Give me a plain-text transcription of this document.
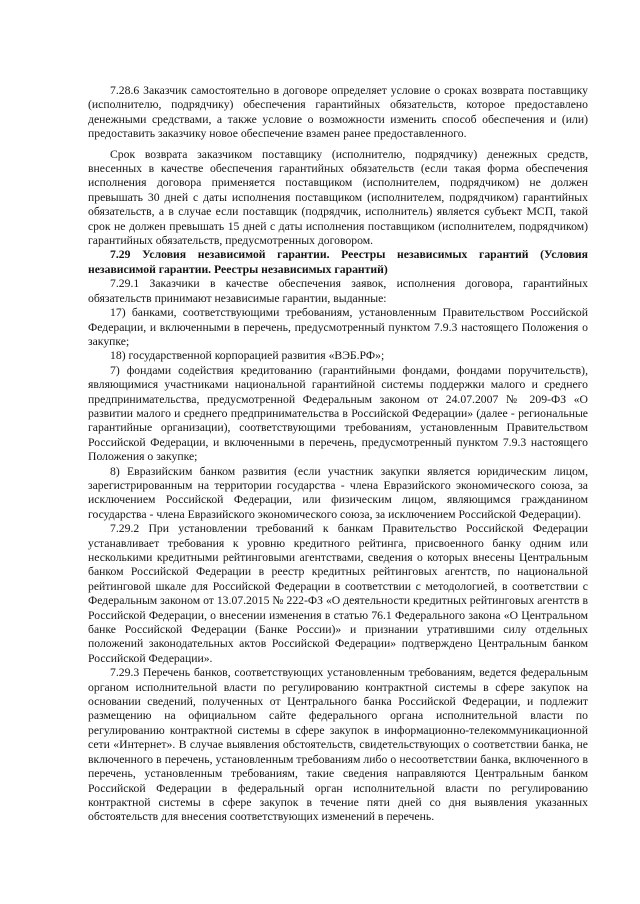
7.28.6 Заказчик самостоятельно в договоре определяет условие о сроках возврата поставщику (исполнителю, подрядчику) обеспечения гарантийных обязательств, которое предоставлено денежными средствами, а также условие о возможности изменить способ обеспечения и (или) предоставить заказчику новое обеспечение взамен ранее предоставленного.

Срок возврата заказчиком поставщику (исполнителю, подрядчику) денежных средств, внесенных в качестве обеспечения гарантийных обязательств (если такая форма обеспечения исполнения договора применяется поставщиком (исполнителем, подрядчиком) не должен превышать 30 дней с даты исполнения поставщиком (исполнителем, подрядчиком) гарантийных обязательств, а в случае если поставщик (подрядчик, исполнитель) является субъект МСП, такой срок не должен превышать 15 дней с даты исполнения поставщиком (исполнителем, подрядчиком) гарантийных обязательств, предусмотренных договором.

7.29 Условия независимой гарантии. Реестры независимых гарантий (Условия независимой гарантии. Реестры независимых гарантий)

7.29.1 Заказчики в качестве обеспечения заявок, исполнения договора, гарантийных обязательств принимают независимые гарантии, выданные:

17) банками, соответствующими требованиям, установленным Правительством Российской Федерации, и включенными в перечень, предусмотренный пунктом 7.9.3 настоящего Положения о закупке;

18) государственной корпорацией развития «ВЭБ.РФ»;

7) фондами содействия кредитованию (гарантийными фондами, фондами поручительств), являющимися участниками национальной гарантийной системы поддержки малого и среднего предпринимательства, предусмотренной Федеральным законом от 24.07.2007 № 209-ФЗ «О развитии малого и среднего предпринимательства в Российской Федерации» (далее - региональные гарантийные организации), соответствующими требованиям, установленным Правительством Российской Федерации, и включенными в перечень, предусмотренный пунктом 7.9.3 настоящего Положения о закупке;

8) Евразийским банком развития (если участник закупки является юридическим лицом, зарегистрированным на территории государства - члена Евразийского экономического союза, за исключением Российской Федерации, или физическим лицом, являющимся гражданином государства - члена Евразийского экономического союза, за исключением Российской Федерации).

7.29.2 При установлении требований к банкам Правительство Российской Федерации устанавливает требования к уровню кредитного рейтинга, присвоенного банку одним или несколькими кредитными рейтинговыми агентствами, сведения о которых внесены Центральным банком Российской Федерации в реестр кредитных рейтинговых агентств, по национальной рейтинговой шкале для Российской Федерации в соответствии с методологией, в соответствии с Федеральным законом от 13.07.2015 № 222-ФЗ «О деятельности кредитных рейтинговых агентств в Российской Федерации, о внесении изменения в статью 76.1 Федерального закона «О Центральном банке Российской Федерации (Банке России)» и признании утратившими силу отдельных положений законодательных актов Российской Федерации» подтверждено Центральным банком Российской Федерации».

7.29.3 Перечень банков, соответствующих установленным требованиям, ведется федеральным органом исполнительной власти по регулированию контрактной системы в сфере закупок на основании сведений, полученных от Центрального банка Российской Федерации, и подлежит размещению на официальном сайте федерального органа исполнительной власти по регулированию контрактной системы в сфере закупок в информационно-телекоммуникационной сети «Интернет». В случае выявления обстоятельств, свидетельствующих о соответствии банка, не включенного в перечень, установленным требованиям либо о несоответствии банка, включенного в перечень, установленным требованиям, такие сведения направляются Центральным банком Российской Федерации в федеральный орган исполнительной власти по регулированию контрактной системы в сфере закупок в течение пяти дней со дня выявления указанных обстоятельств для внесения соответствующих изменений в перечень.
